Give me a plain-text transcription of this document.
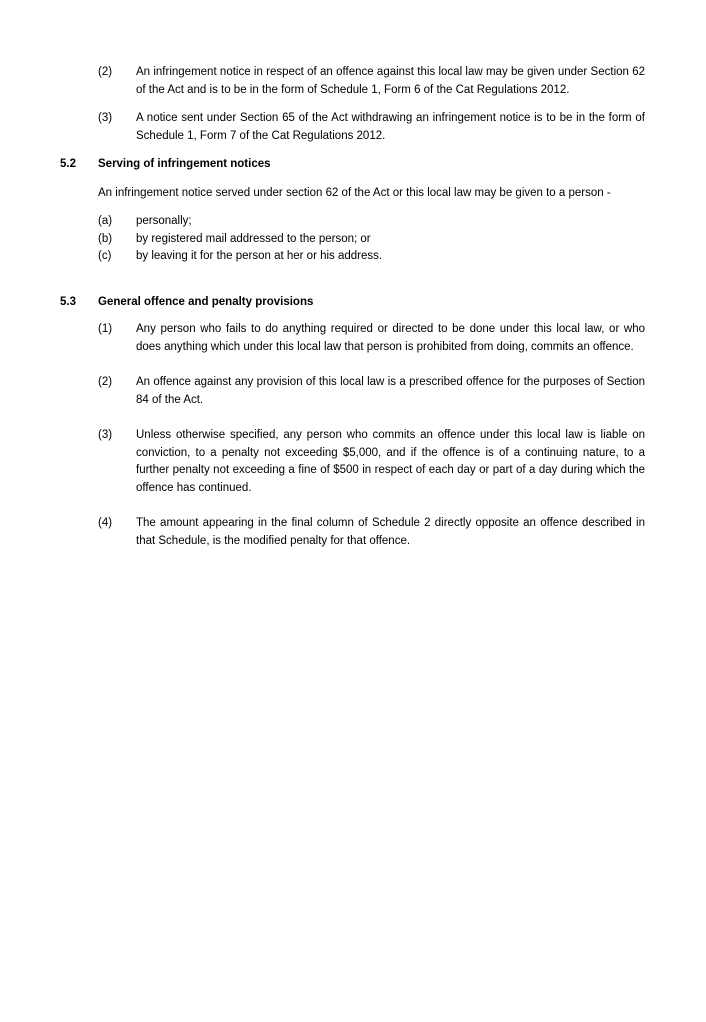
(2)	An infringement notice in respect of an offence against this local law may be given under Section 62 of the Act and is to be in the form of Schedule 1, Form 6 of the Cat Regulations 2012.
(3)	A notice sent under Section 65 of the Act withdrawing an infringement notice is to be in the form of Schedule 1, Form 7 of the Cat Regulations 2012.
5.2	Serving of infringement notices
An infringement notice served under section 62 of the Act or this local law may be given to a person -
(a)	personally;
(b)	by registered mail addressed to the person; or
(c)	by leaving it for the person at her or his address.
5.3	General offence and penalty provisions
(1)	Any person who fails to do anything required or directed to be done under this local law, or who does anything which under this local law that person is prohibited from doing, commits an offence.
(2)	An offence against any provision of this local law is a prescribed offence for the purposes of Section 84 of the Act.
(3)	Unless otherwise specified, any person who commits an offence under this local law is liable on conviction, to a penalty not exceeding $5,000, and if the offence is of a continuing nature, to a further penalty not exceeding a fine of $500 in respect of each day or part of a day during which the offence has continued.
(4)	The amount appearing in the final column of Schedule 2 directly opposite an offence described in that Schedule, is the modified penalty for that offence.
